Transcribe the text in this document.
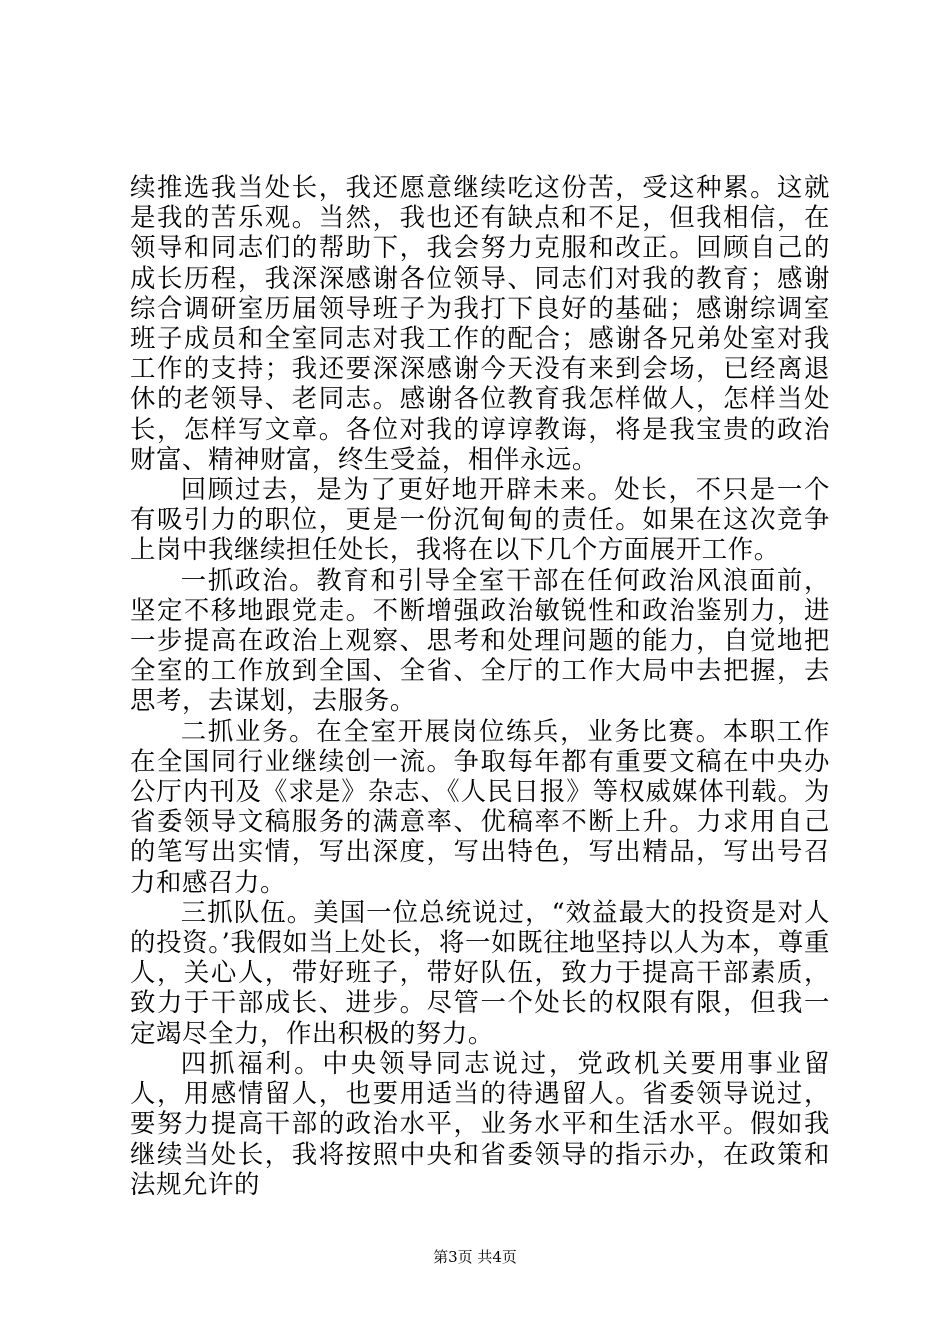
续推选我当处长，我还愿意继续吃这份苦，受这种累。这就是我的苦乐观。当然，我也还有缺点和不足，但我相信，在领导和同志们的帮助下，我会努力克服和改正。回顾自己的成长历程，我深深感谢各位领导、同志们对我的教育；感谢综合调研室历届领导班子为我打下良好的基础；感谢综调室班子成员和全室同志对我工作的配合；感谢各兄弟处室对我工作的支持；我还要深深感谢今天没有来到会场，已经离退休的老领导、老同志。感谢各位教育我怎样做人，怎样当处长，怎样写文章。各位对我的谆谆教诲，将是我宝贵的政治财富、精神财富，终生受益，相伴永远。

回顾过去，是为了更好地开辟未来。处长，不只是一个有吸引力的职位，更是一份沉甸甸的责任。如果在这次竞争上岗中我继续担任处长，我将在以下几个方面展开工作。

一抓政治。教育和引导全室干部在任何政治风浪面前，坚定不移地跟党走。不断增强政治敏锐性和政治鉴别力，进一步提高在政治上观察、思考和处理问题的能力，自觉地把全室的工作放到全国、全省、全厅的工作大局中去把握，去思考，去谋划，去服务。

二抓业务。在全室开展岗位练兵，业务比赛。本职工作在全国同行业继续创一流。争取每年都有重要文稿在中央办公厅内刊及《求是》杂志、《人民日报》等权威媒体刊载。为省委领导文稿服务的满意率、优稿率不断上升。力求用自己的笔写出实情，写出深度，写出特色，写出精品，写出号召力和感召力。

三抓队伍。美国一位总统说过，“效益最大的投资是对人的投资。’我假如当上处长，将一如既往地坚持以人为本，尊重人，关心人，带好班子，带好队伍，致力于提高干部素质，致力于干部成长、进步。尽管一个处长的权限有限，但我一定竭尽全力，作出积极的努力。

四抓福利。中央领导同志说过，党政机关要用事业留人，用感情留人，也要用适当的待遇留人。省委领导说过，要努力提高干部的政治水平，业务水平和生活水平。假如我继续当处长，我将按照中央和省委领导的指示办，在政策和法规允许的

第3页 共4页
